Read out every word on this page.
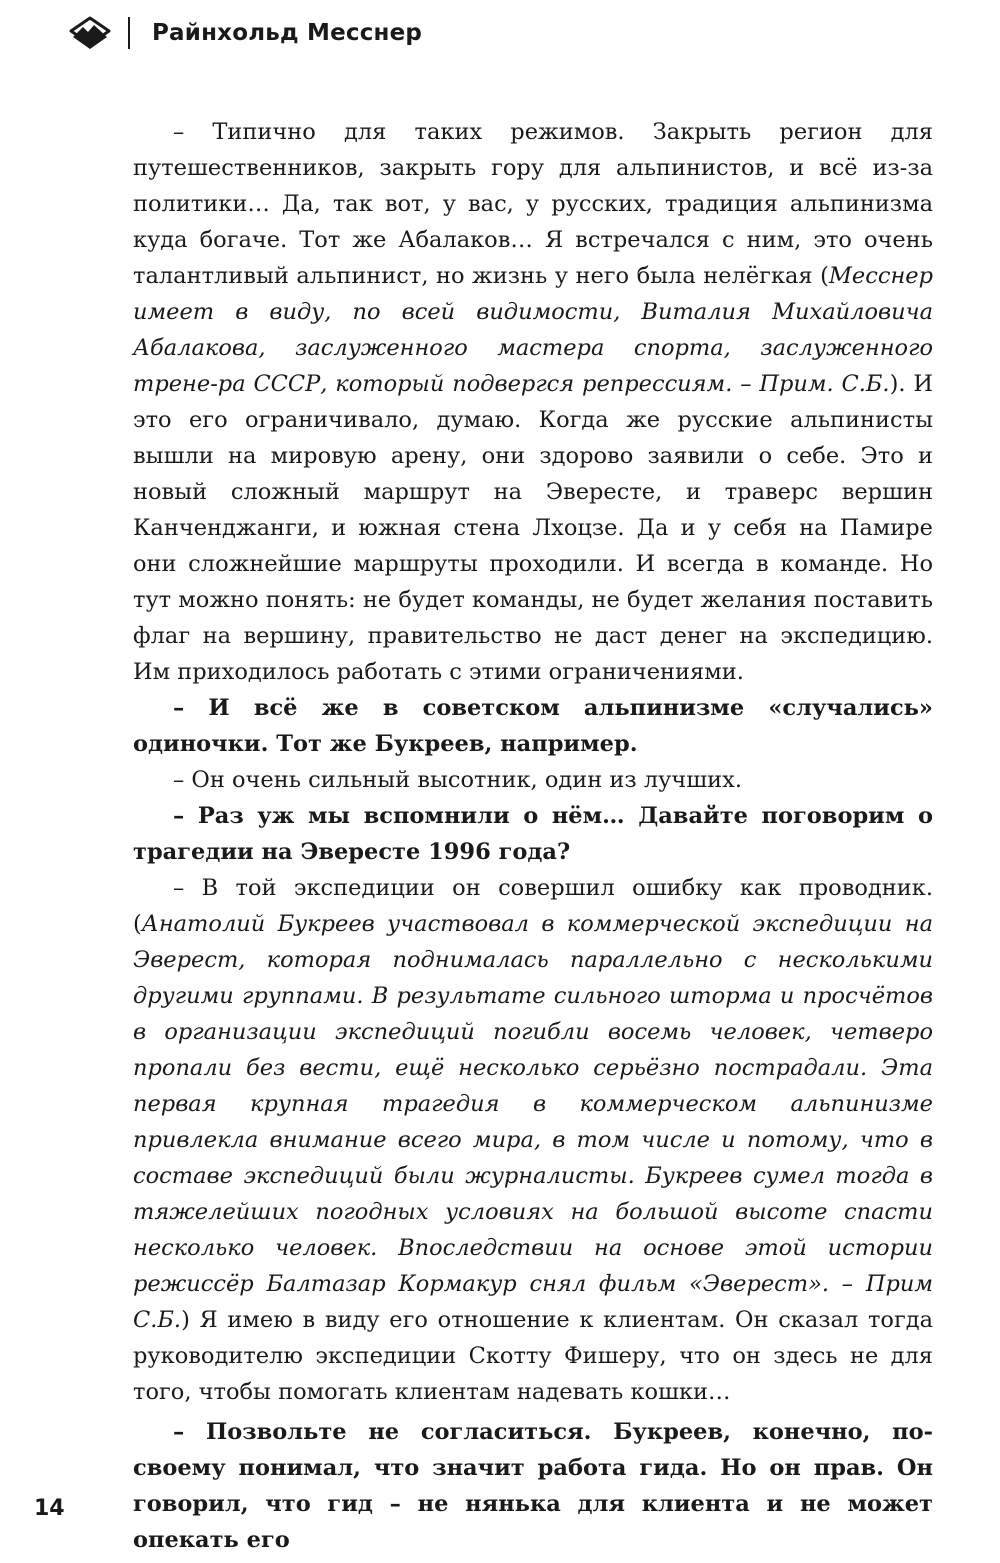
Райнхольд Месснер

– Типично для таких режимов. Закрыть регион для путешественников, закрыть гору для альпинистов, и всё из-за политики… Да, так вот, у вас, у русских, традиция альпинизма куда богаче. Тот же Абалаков… Я встречался с ним, это очень талантливый альпинист, но жизнь у него была нелёгкая (Месснер имеет в виду, по всей видимости, Виталия Михайловича Абалакова, заслуженного мастера спорта, заслуженного трене-ра СССР, который подвергся репрессиям. – Прим. С.Б.). И это его ограничивало, думаю. Когда же русские альпинисты вышли на мировую арену, они здорово заявили о себе. Это и новый сложный маршрут на Эвересте, и траверс вершин Канченджанги, и южная стена Лхоцзе. Да и у себя на Памире они сложнейшие маршруты проходили. И всегда в команде. Но тут можно понять: не будет команды, не будет желания поставить флаг на вершину, правительство не даст денег на экспедицию. Им приходилось работать с этими ограничениями.

– И всё же в советском альпинизме «случались» одиночки. Тот же Букреев, например.

– Он очень сильный высотник, один из лучших.

– Раз уж мы вспомнили о нём… Давайте поговорим о трагедии на Эвересте 1996 года?

– В той экспедиции он совершил ошибку как проводник. (Анатолий Букреев участвовал в коммерческой экспедиции на Эверест, которая поднималась параллельно с несколькими другими группами. В результате сильного шторма и просчётов в организации экспедиций погибли восемь человек, четверо пропали без вести, ещё несколько серьёзно пострадали. Эта первая крупная трагедия в коммерческом альпинизме привлекла внимание всего мира, в том числе и потому, что в составе экспедиций были журналисты. Букреев сумел тогда в тяжелейших погодных условиях на большой высоте спасти несколько человек. Впоследствии на основе этой истории режиссёр Балтазар Кормакур снял фильм «Эверест». – Прим С.Б.) Я имею в виду его отношение к клиентам. Он сказал тогда руководителю экспедиции Скотту Фишеру, что он здесь не для того, чтобы помогать клиентам надевать кошки…

– Позвольте не согласиться. Букреев, конечно, по-своему понимал, что значит работа гида. Но он прав. Он говорил, что гид – не нянька для клиента и не может опекать его

14
